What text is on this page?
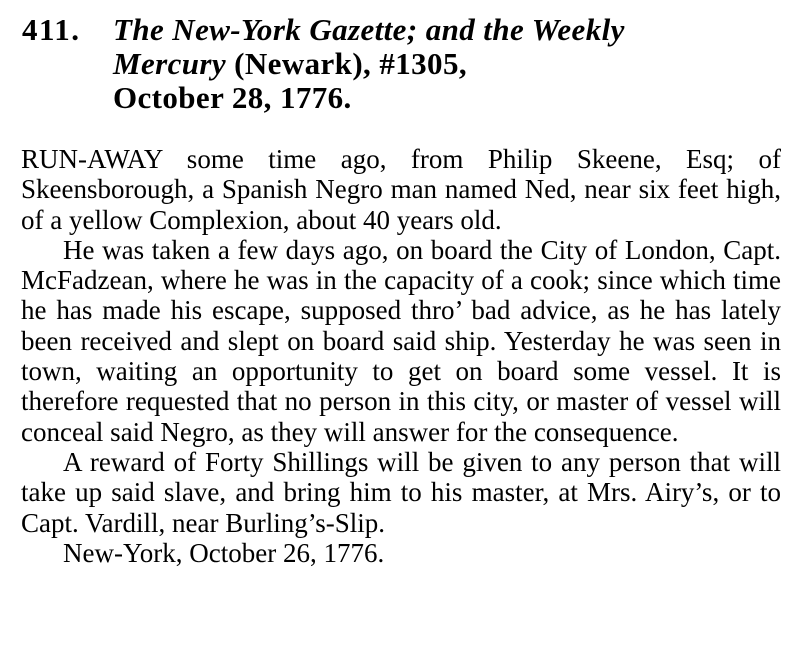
411. The New-York Gazette; and the Weekly
Mercury (Newark), #1305,
October 28, 1776.

RUN-AWAY some time ago, from Philip Skeene, Esq; of Skeensborough, a Spanish Negro man named Ned, near six feet high, of a yellow Complexion, about 40 years old.

He was taken a few days ago, on board the City of London, Capt. McFadzean, where he was in the capacity of a cook; since which time he has made his escape, supposed thro’ bad advice, as he has lately been received and slept on board said ship. Yesterday he was seen in town, waiting an opportunity to get on board some vessel. It is therefore requested that no person in this city, or master of vessel will conceal said Negro, as they will answer for the consequence.

A reward of Forty Shillings will be given to any person that will take up said slave, and bring him to his master, at Mrs. Airy’s, or to Capt. Vardill, near Burling’s-Slip.

New-York, October 26, 1776.
